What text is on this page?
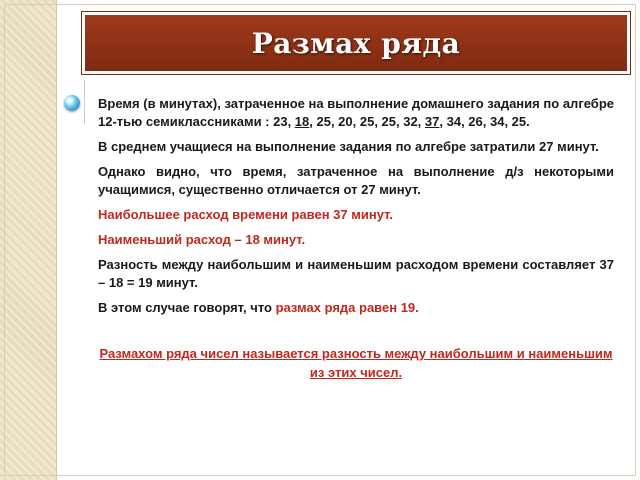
Размах ряда

Время (в минутах), затраченное на выполнение домашнего задания по алгебре 12-тью семиклассниками : 23, 18, 25, 20, 25, 25, 32, 37, 34, 26, 34, 25.

В среднем учащиеся на выполнение задания по алгебре затратили 27 минут.

Однако видно, что время, затраченное на выполнение д/з некоторыми учащимися, существенно отличается от 27 минут.

Наибольшее расход времени равен 37 минут.

Наименьший расход – 18 минут.

Разность между наибольшим и наименьшим расходом времени составляет 37 – 18 = 19 минут.

В этом случае говорят, что размах ряда равен 19.

Размахом ряда чисел называется разность между наибольшим и наименьшим из этих чисел.
